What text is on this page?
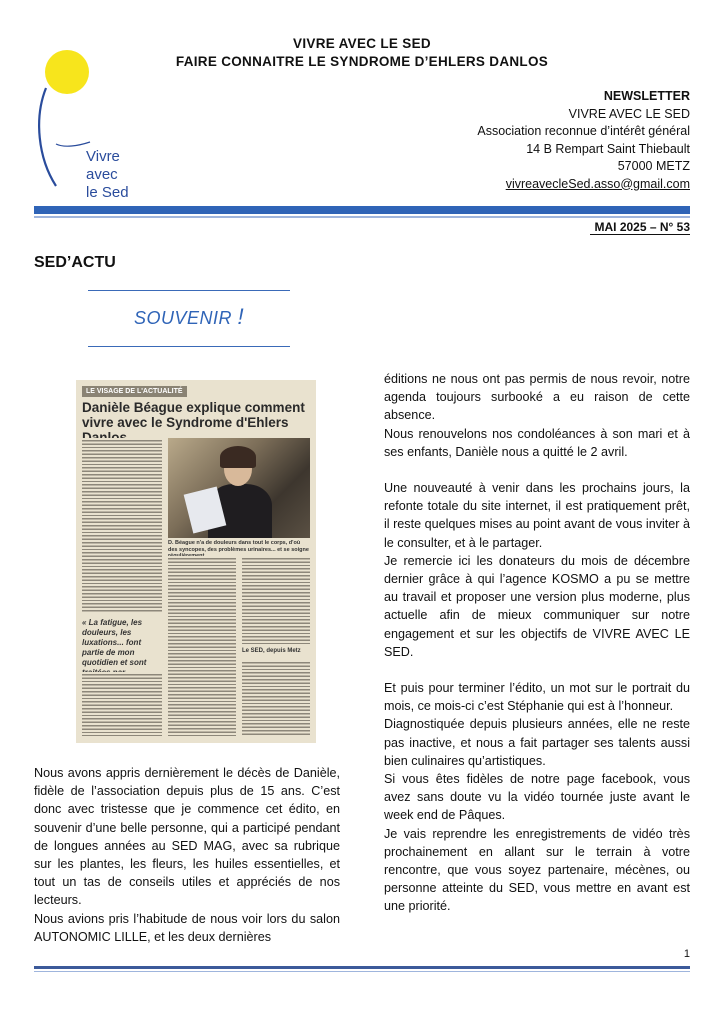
Vivre avec
le Sed
VIVRE AVEC LE SED
FAIRE CONNAITRE LE SYNDROME D’EHLERS DANLOS
NEWSLETTER
VIVRE AVEC LE SED
Association reconnue d’intérêt général
14 B Rempart Saint Thiebault
57000 METZ
vivreavecleSed.asso@gmail.com
MAI 2025 – N° 53
SED’ACTU
SOUVENIR !
LE VISAGE DE L'ACTUALITÉ
Danièle Béague explique comment vivre avec le Syndrome d'Ehlers
D. Béague n'a de douleurs dans tout le corps, d'où des syncopes, des problèmes urinaires... et se soigne
Le SED, depuis Metz
« La fatigue, les douleurs, les luxations... font partie de mon quotidien et sont

Nous avons appris dernièrement le décès de Danièle, fidèle de l’association depuis plus de 15 ans. C’est donc avec tristesse que je commence cet édito, en souvenir d’une belle personne, qui a participé pendant de longues années au SED MAG, avec sa rubrique sur les plantes, les fleurs, les huiles essentielles, et tout un tas de conseils utiles et appréciés de nos lecteurs.

Nous avions pris l’habitude de nous voir lors du salon AUTONOMIC LILLE, et les deux dernières

éditions ne nous ont pas permis de nous revoir, notre agenda toujours surbooké a eu raison de cette absence.

Nous renouvelons nos condoléances à son mari et à ses enfants, Danièle nous a quitté le 2 avril.

Une nouveauté à venir dans les prochains jours, la refonte totale du site internet, il est pratiquement prêt, il reste quelques mises au point avant de vous inviter à le consulter, et à le partager.

Je remercie ici les donateurs du mois de décembre dernier grâce à qui l’agence KOSMO a pu se mettre au travail et proposer une version plus moderne, plus actuelle afin de mieux communiquer sur notre engagement et sur les objectifs de VIVRE AVEC LE SED.

Et puis pour terminer l’édito, un mot sur le portrait du mois, ce mois-ci c’est Stéphanie qui est à l’honneur.

Diagnostiquée depuis plusieurs années, elle ne reste pas inactive, et nous a fait partager ses talents aussi bien culinaires qu’artistiques.

Si vous êtes fidèles de notre page facebook, vous avez sans doute vu la vidéo tournée juste avant le week end de Pâques.

Je vais reprendre les enregistrements de vidéo très prochainement en allant sur le terrain à votre rencontre, que vous soyez partenaire, mécènes, ou personne atteinte du SED, vous mettre en avant est une priorité.

1
